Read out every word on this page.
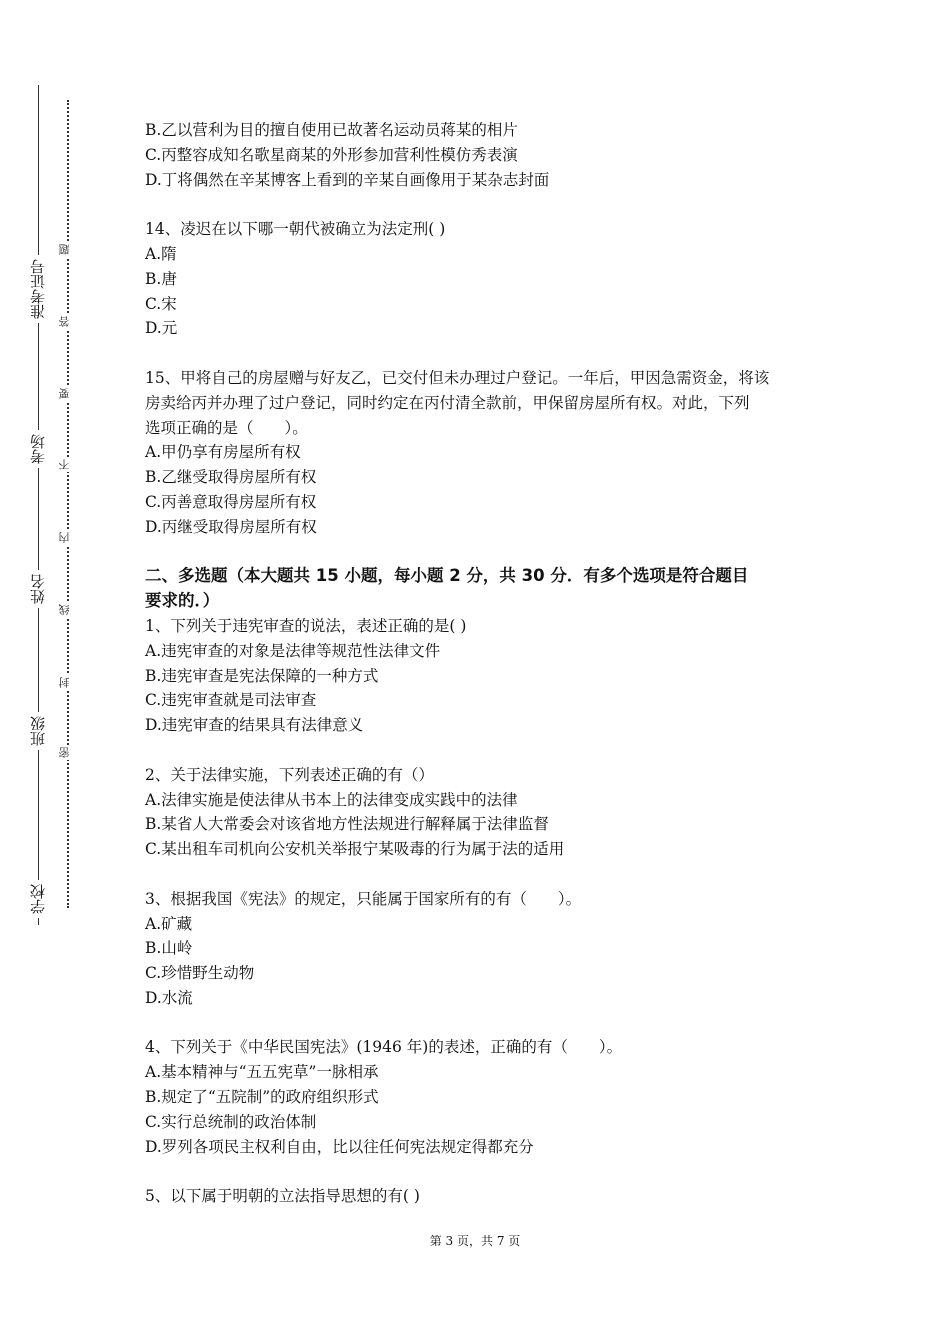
准考证号
考场
姓名
班级
学校
题
答
要
不
内
线
封
密
B.乙以营利为目的擅自使用已故著名运动员蒋某的相片
C.丙整容成知名歌星商某的外形参加营利性模仿秀表演
D.丁将偶然在辛某博客上看到的辛某自画像用于某杂志封面
14、凌迟在以下哪一朝代被确立为法定刑( )
A.隋
B.唐
C.宋
D.元
15、甲将自己的房屋赠与好友乙，已交付但未办理过户登记。一年后，甲因急需资金，将该
房卖给丙并办理了过户登记，同时约定在丙付清全款前，甲保留房屋所有权。对此，下列
选项正确的是（　　）。
A.甲仍享有房屋所有权
B.乙继受取得房屋所有权
C.丙善意取得房屋所有权
D.丙继受取得房屋所有权
二、多选题（本大题共 15 小题，每小题 2 分，共 30 分．有多个选项是符合题目
要求的．）
1、下列关于违宪审查的说法，表述正确的是( )
A.违宪审查的对象是法律等规范性法律文件
B.违宪审查是宪法保障的一种方式
C.违宪审查就是司法审查
D.违宪审查的结果具有法律意义
2、关于法律实施，下列表述正确的有（）
A.法律实施是使法律从书本上的法律变成实践中的法律
B.某省人大常委会对该省地方性法规进行解释属于法律监督
C.某出租车司机向公安机关举报宁某吸毒的行为属于法的适用
3、根据我国《宪法》的规定，只能属于国家所有的有（　　）。
A.矿藏
B.山岭
C.珍惜野生动物
D.水流
4、下列关于《中华民国宪法》(1946 年)的表述，正确的有（　　）。
A.基本精神与“五五宪草”一脉相承
B.规定了“五院制”的政府组织形式
C.实行总统制的政治体制
D.罗列各项民主权利自由，比以往任何宪法规定得都充分
5、以下属于明朝的立法指导思想的有( )
第 3 页，共 7 页
